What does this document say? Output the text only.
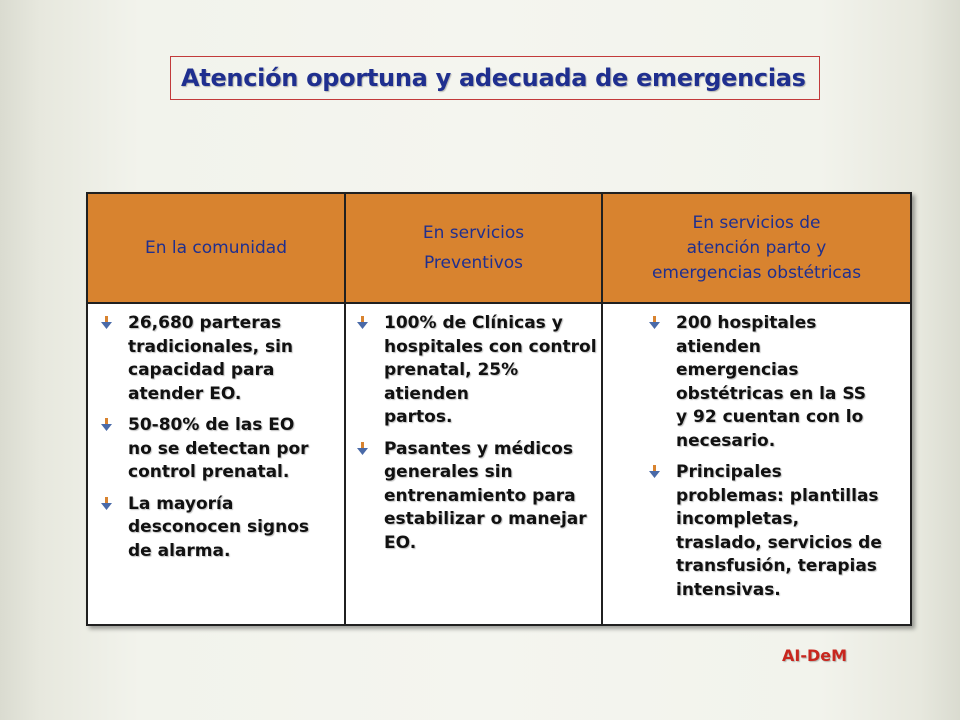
Atención oportuna y adecuada de emergencias
En la comunidad
En servicios
Preventivos
En servicios de
atención parto y
emergencias obstétricas
26,680 parteras
tradicionales, sin
capacidad para
atender EO.
50-80% de las EO
no se detectan por
control prenatal.
La mayoría
desconocen signos
de alarma.
100% de Clínicas y
hospitales con control
prenatal, 25% atienden
partos.
Pasantes y médicos
generales sin
entrenamiento para
estabilizar o manejar
EO.
200 hospitales
atienden
emergencias
obstétricas en la SS
y 92 cuentan con lo
necesario.
Principales
problemas: plantillas
incompletas,
traslado, servicios de
transfusión, terapias
intensivas.
AI-DeM
